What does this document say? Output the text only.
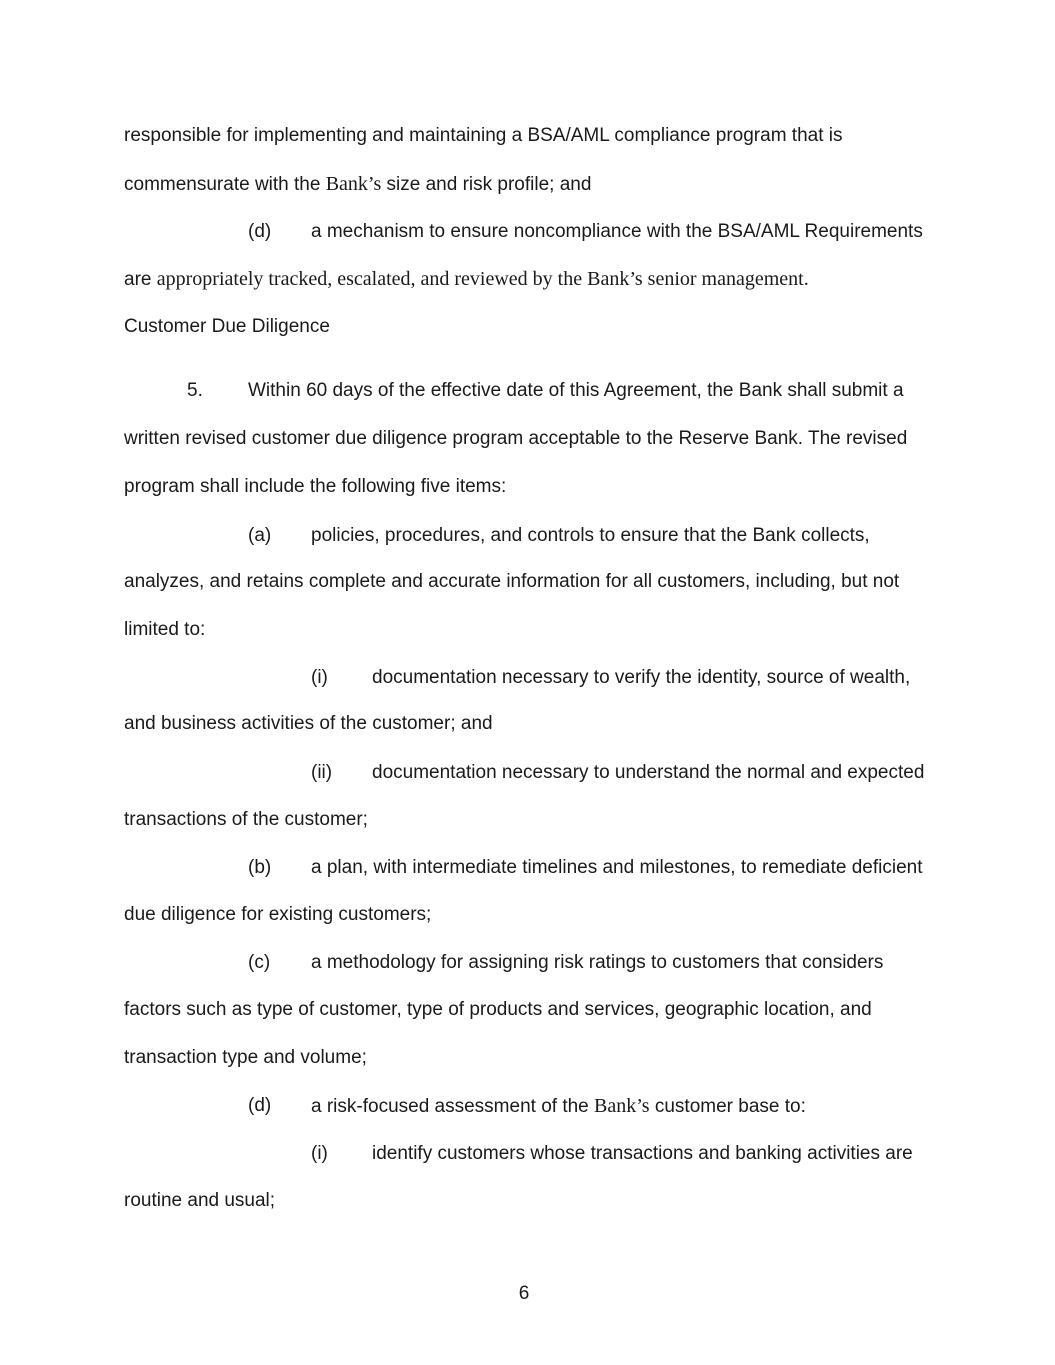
responsible for implementing and maintaining a BSA/AML compliance program that is
commensurate with the Bank’s size and risk profile; and
(d) a mechanism to ensure noncompliance with the BSA/AML Requirements
are appropriately tracked, escalated, and reviewed by the Bank’s senior management.
Customer Due Diligence
5. Within 60 days of the effective date of this Agreement, the Bank shall submit a
written revised customer due diligence program acceptable to the Reserve Bank. The revised
program shall include the following five items:
(a) policies, procedures, and controls to ensure that the Bank collects,
analyzes, and retains complete and accurate information for all customers, including, but not
limited to:
(i) documentation necessary to verify the identity, source of wealth,
and business activities of the customer; and
(ii) documentation necessary to understand the normal and expected
transactions of the customer;
(b) a plan, with intermediate timelines and milestones, to remediate deficient
due diligence for existing customers;
(c) a methodology for assigning risk ratings to customers that considers
factors such as type of customer, type of products and services, geographic location, and
transaction type and volume;
(d) a risk-focused assessment of the Bank’s customer base to:
(i) identify customers whose transactions and banking activities are
routine and usual;
6
